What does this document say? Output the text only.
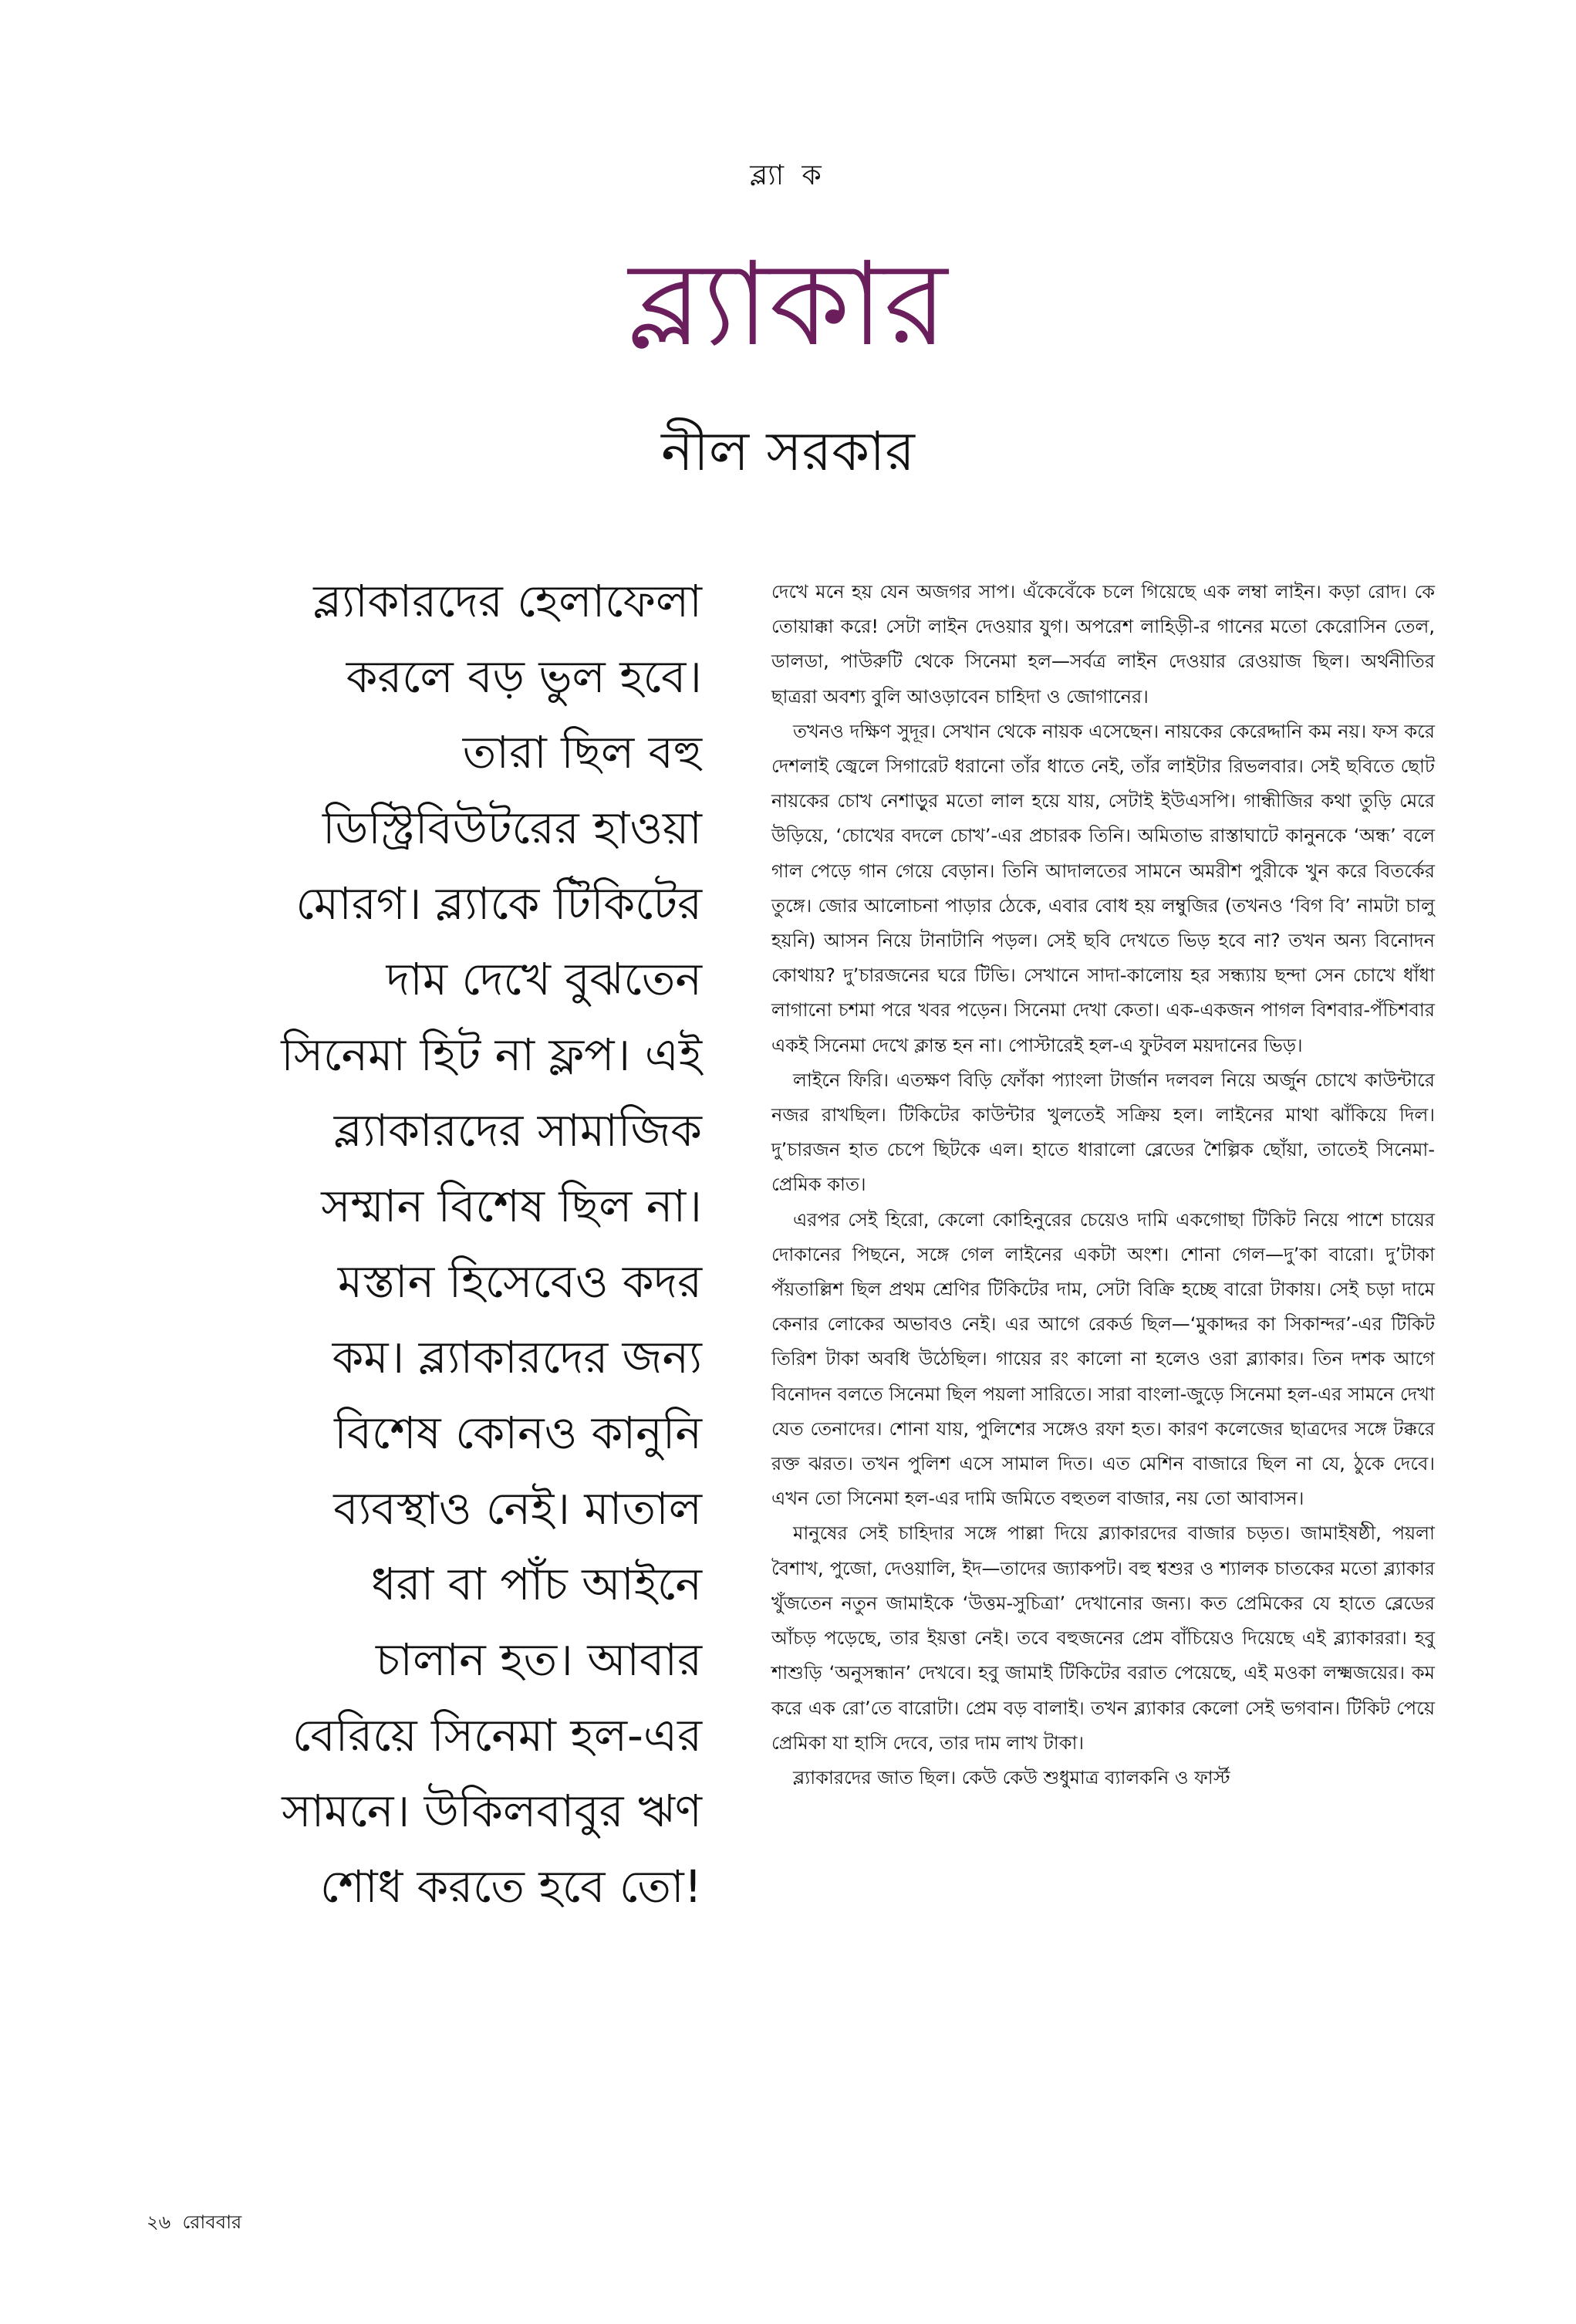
ব্ল্যা ক
ব্ল্যাকার
নীল সরকার
ব্ল্যাকারদের হেলাফেলা
করলে বড় ভুল হবে।
তারা ছিল বহু
ডিস্ট্রিবিউটরের হাওয়া
মোরগ। ব্ল্যাকে টিকিটের
দাম দেখে বুঝতেন
সিনেমা হিট না ফ্লপ। এই
ব্ল্যাকারদের সামাজিক
সম্মান বিশেষ ছিল না।
মস্তান হিসেবেও কদর
কম। ব্ল্যাকারদের জন্য
বিশেষ কোনও কানুনি
ব্যবস্থাও নেই। মাতাল
ধরা বা পাঁচ আইনে
চালান হত। আবার
বেরিয়ে সিনেমা হল-এর
সামনে। উকিলবাবুর ঋণ
শোধ করতে হবে তো!

দেখে মনে হয় যেন অজগর সাপ। এঁকেবেঁকে চলে গিয়েছে এক লম্বা লাইন। কড়া রোদ। কে তোয়াক্কা করে! সেটা লাইন দেওয়ার যুগ। অপরেশ লাহিড়ী-র গানের মতো কেরোসিন তেল, ডালডা, পাউরুটি থেকে সিনেমা হল—সর্বত্র লাইন দেওয়ার রেওয়াজ ছিল। অর্থনীতির ছাত্ররা অবশ্য বুলি আওড়াবেন চাহিদা ও জোগানের।

তখনও দক্ষিণ সুদূর। সেখান থেকে নায়ক এসেছেন। নায়কের কেরেদ্দানি কম নয়। ফস করে দেশলাই জ্বেলে সিগারেট ধরানো তাঁর ধাতে নেই, তাঁর লাইটার রিভলবার। সেই ছবিতে ছোট নায়কের চোখ নেশাড়ুর মতো লাল হয়ে যায়, সেটাই ইউএসপি। গান্ধীজির কথা তুড়ি মেরে উড়িয়ে, ‘চোখের বদলে চোখ’-এর প্রচারক তিনি। অমিতাভ রাস্তাঘাটে কানুনকে ‘অন্ধ’ বলে গাল পেড়ে গান গেয়ে বেড়ান। তিনি আদালতের সামনে অমরীশ পুরীকে খুন করে বিতর্কের তুঙ্গে। জোর আলোচনা পাড়ার ঠেকে, এবার বোধ হয় লম্বুজির (তখনও ‘বিগ বি’ নামটা চালু হয়নি) আসন নিয়ে টানাটানি পড়ল। সেই ছবি দেখতে ভিড় হবে না? তখন অন্য বিনোদন কোথায়? দু’চারজনের ঘরে টিভি। সেখানে সাদা-কালোয় হর সন্ধ্যায় ছন্দা সেন চোখে ধাঁধা লাগানো চশমা পরে খবর পড়েন। সিনেমা দেখা কেতা। এক-একজন পাগল বিশবার-পঁচিশবার একই সিনেমা দেখে ক্লান্ত হন না। পোস্টারেই হল-এ ফুটবল ময়দানের ভিড়।

লাইনে ফিরি। এতক্ষণ বিড়ি ফোঁকা প্যাংলা টার্জান দলবল নিয়ে অর্জুন চোখে কাউন্টারে নজর রাখছিল। টিকিটের কাউন্টার খুলতেই সক্রিয় হল। লাইনের মাথা ঝাঁকিয়ে দিল। দু’চারজন হাত চেপে ছিটকে এল। হাতে ধারালো ব্লেডের শৈল্পিক ছোঁয়া, তাতেই সিনেমা-প্রেমিক কাত।

এরপর সেই হিরো, কেলো কোহিনুরের চেয়েও দামি একগোছা টিকিট নিয়ে পাশে চায়ের দোকানের পিছনে, সঙ্গে গেল লাইনের একটা অংশ। শোনা গেল—দু’কা বারো। দু’টাকা পঁয়তাল্লিশ ছিল প্রথম শ্রেণির টিকিটের দাম, সেটা বিক্রি হচ্ছে বারো টাকায়। সেই চড়া দামে কেনার লোকের অভাবও নেই। এর আগে রেকর্ড ছিল—‘মুকাদ্দর কা সিকান্দর’-এর টিকিট তিরিশ টাকা অবধি উঠেছিল। গায়ের রং কালো না হলেও ওরা ব্ল্যাকার। তিন দশক আগে বিনোদন বলতে সিনেমা ছিল পয়লা সারিতে। সারা বাংলা-জুড়ে সিনেমা হল-এর সামনে দেখা যেত তেনাদের। শোনা যায়, পুলিশের সঙ্গেও রফা হত। কারণ কলেজের ছাত্রদের সঙ্গে টক্করে রক্ত ঝরত। তখন পুলিশ এসে সামাল দিত। এত মেশিন বাজারে ছিল না যে, ঠুকে দেবে। এখন তো সিনেমা হল-এর দামি জমিতে বহুতল বাজার, নয় তো আবাসন।

মানুষের সেই চাহিদার সঙ্গে পাল্লা দিয়ে ব্ল্যাকারদের বাজার চড়ত। জামাইষষ্ঠী, পয়লা বৈশাখ, পুজো, দেওয়ালি, ইদ—তাদের জ্যাকপট। বহু শ্বশুর ও শ্যালক চাতকের মতো ব্ল্যাকার খুঁজতেন নতুন জামাইকে ‘উত্তম-সুচিত্রা’ দেখানোর জন্য। কত প্রেমিকের যে হাতে ব্লেডের আঁচড় পড়েছে, তার ইয়ত্তা নেই। তবে বহুজনের প্রেম বাঁচিয়েও দিয়েছে এই ব্ল্যাকাররা। হবু শাশুড়ি ‘অনুসন্ধান’ দেখবে। হবু জামাই টিকিটের বরাত পেয়েছে, এই মওকা লক্ষ্মজয়ের। কম করে এক রো’তে বারোটা। প্রেম বড় বালাই। তখন ব্ল্যাকার কেলো সেই ভগবান। টিকিট পেয়ে প্রেমিকা যা হাসি দেবে, তার দাম লাখ টাকা।

ব্ল্যাকারদের জাত ছিল। কেউ কেউ শুধুমাত্র ব্যালকনি ও ফার্স্ট

২৬ রোববার
